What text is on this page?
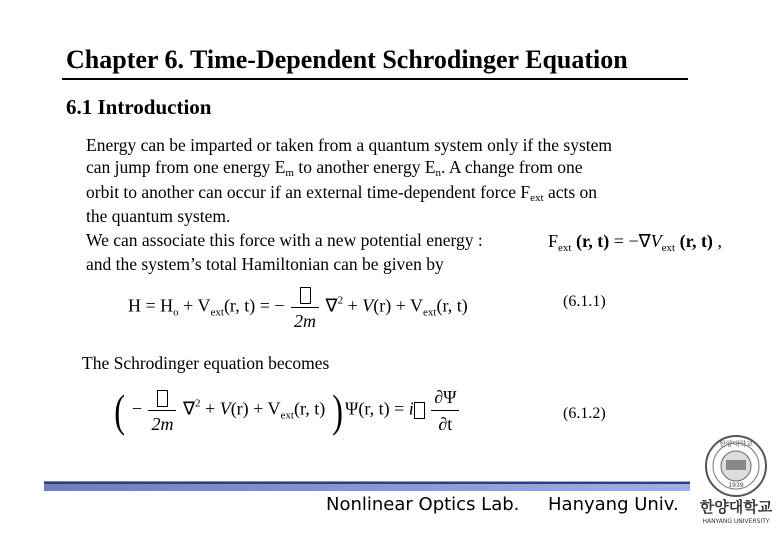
Chapter 6. Time-Dependent Schrodinger Equation
6.1 Introduction
Energy can be imparted or taken from a quantum system only if the system
can jump from one energy Em to another energy En. A change from one
orbit to another can occur if an external time-dependent force Fext acts on
the quantum system.
We can associate this force with a new potential energy :
and the system’s total Hamiltonian can be given by
$F_{ext}$ (r, $t) = -\nabla V_{ext}$ (r, t) ,
$H = H_o + V_{ext}(r$, t) = −
2m
$\nabla^2 + V(r) + V_{ext}(r$, t)	(6.1.1)
The Schrodinger equation becomes
( −
2m
$\nabla^2 + V(r) + V_{ext}(r$, t) ) Ψ(r, t) = i $\frac{\partial\Psi}{\partial t}$	(6.1.2)
Nonlinear Optics Lab. Hanyang Univ.
한양대학교
1939
한양대학교
HANYANG UNIVERSITY
